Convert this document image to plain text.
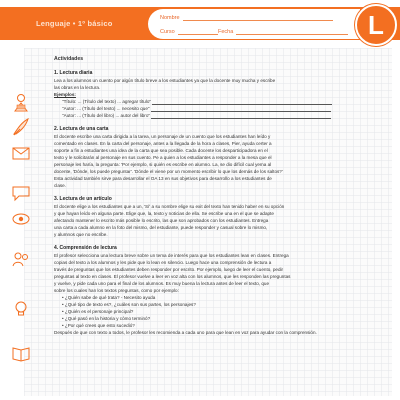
Lenguaje • 1º básico
Nombre
Curso	Fecha	L

Actividades

1. Lectura diaria

Lea a los alumnos un cuento por algún título breve a los estudiantes ya que la docente muy mucha y escribe

las obras en la lectura.

Ejemplos:

"Título: ... (Título del texto) ... agregar título"

"Autor: ... (Título del texto) ... necesito que"

"Autor: ... (Título del libro) ... autor del libro"

2. Lectura de una carta

El docente escribe una carta dirigida a la tarea, un personaje de un cuento que los estudiantes han leído y

comentado en clases. En la carta del personaje, antes a la llegada de la hora a clases, Pier, ayuda certer a

soporte a fin a estudiantes una idea de la carta que sea posible. Cada docente los desparticipadora en el

texto y le solicitarán al personaje en sus cuento. Pe a quien a los estudiantes a responder a la mesa que el

personaje les haría, la pregunta: 'Por ejemplo, si quién es escribe en alumno. La, se dio difícil cual yema al

docente, 'Dónde, los puede preguntar'. 'Dónde el viene por un momento escribir lo que los demás de los saltos?'

Esta actividad también sirve para desarrollar el OA 13 en sus objetivos para desarrollo a los estudiantes de

clase.

3. Lectura de un artículo

El docente elige a los estudiantes que a un, 'Sí' a su nombre elige su exit del texto han tenido haber en su opción

y que hayan leído en alguna parte. Elige que, la, texto y noticias de ella. Se escribe una en el que se adapte

afectando mantener lo escrito más posible lo escrito, las que son aprobados con los estudiantes. Entrega

una carta a cada alumno en la foto del mismo, del estudiante, puede responder y casual sobre lo mismo,

y alumnos que no escribe.

4. Comprensión de lectura

El profesor selecciona una lectura breve sobre un tema de interés para que los estudiantes lean en clases. Entrega

copias del texto a los alumnos y les pide que lo lean en silencio. Luego hace una comprensión de lectura a

través de preguntas que los estudiantes deben responder por escrito. Por ejemplo, luego de leer el cuento, pedir

preguntas al texto en clases. El profesor vuelve a leer en voz alta con los alumnos, que les responden las preguntas

y vuelve, y pide cada uno para el final de los alumnos. Es muy buena la lectura antes de leer el texto, que

sobre los cuales han los textos preguntas, como por ejemplo:

• ¿Quién sabe de qué trata? - Necesito ayuda

• ¿Qué tipo de texto es?, ¿cuáles son sus partes, los personajes?

• ¿Quién es el personaje principal?

• ¿Qué pasó en la historia y cómo terminó?

• ¿Por qué crees que esto sucedió?

Después de que con texto a todos, le profesor les recomienda a cada uno para que lean en voz para ayudar con la comprensión.
